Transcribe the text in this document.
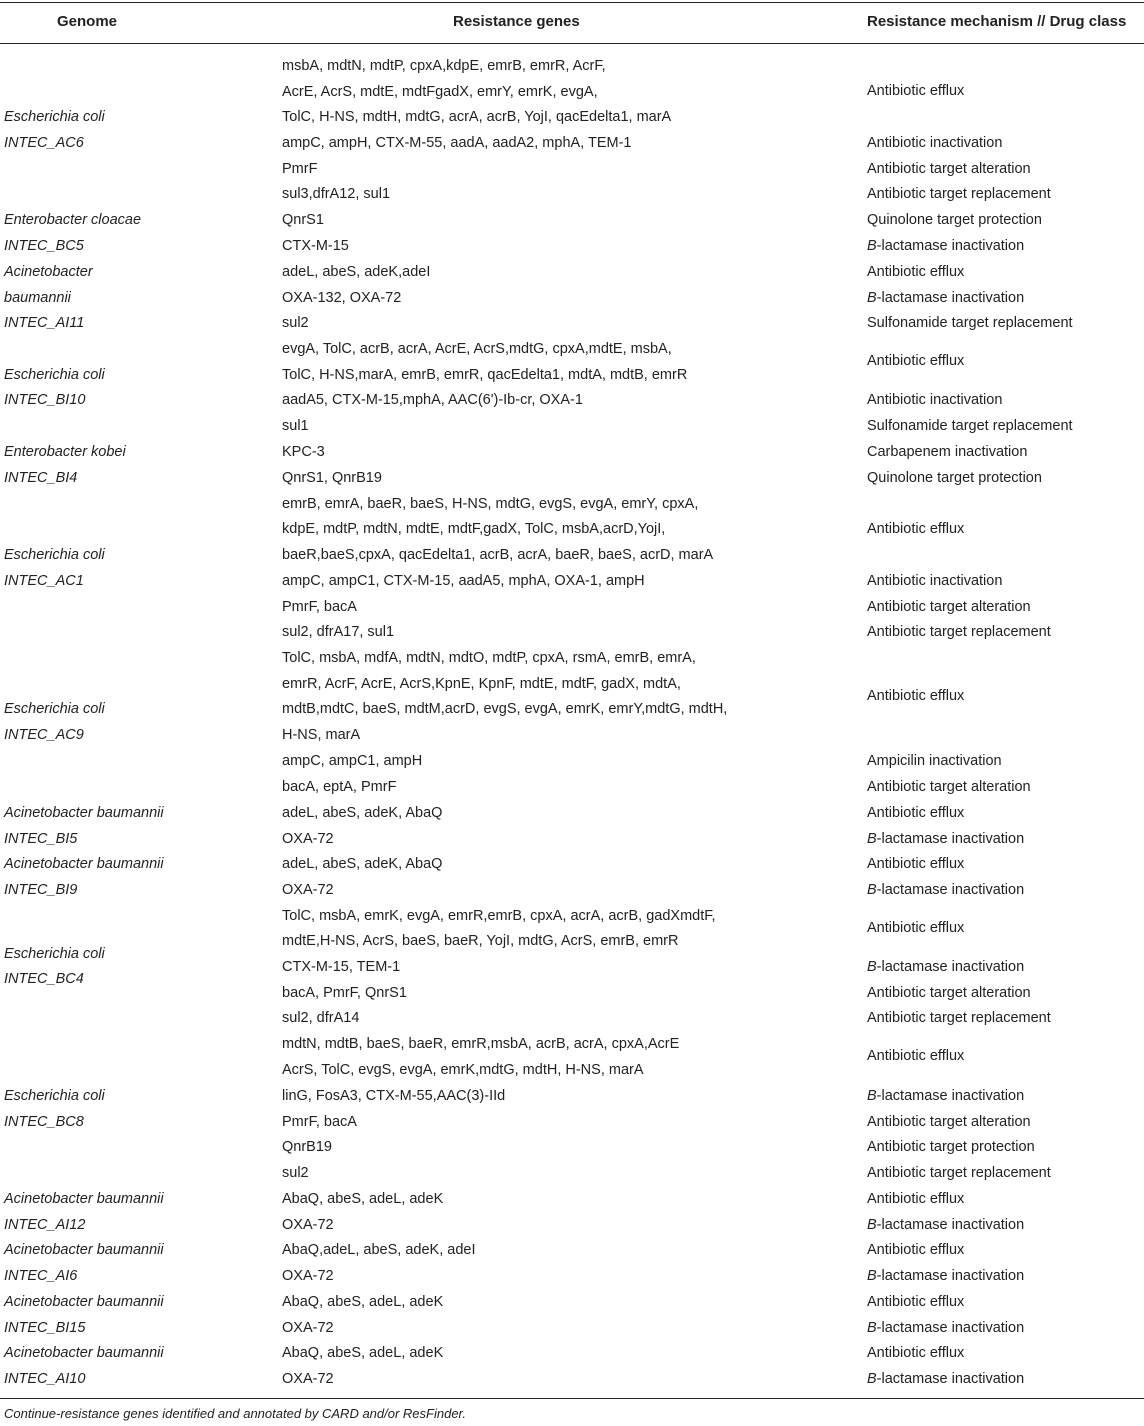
Genome	Resistance genes	Resistance mechanism // Drug class
Escherichia coli
INTEC_AC6
Enterobacter cloacae
INTEC_BC5
Acinetobacter
baumannii
INTEC_AI11
Escherichia coli
INTEC_BI10
Enterobacter kobei
INTEC_BI4
Escherichia coli
INTEC_AC1
Escherichia coli
INTEC_AC9
Acinetobacter baumannii
INTEC_BI5
Acinetobacter baumannii
INTEC_BI9
Escherichia coli
INTEC_BC4
Escherichia coli
INTEC_BC8
Acinetobacter baumannii
INTEC_AI12
Acinetobacter baumannii
INTEC_AI6
Acinetobacter baumannii
INTEC_BI15
Acinetobacter baumannii
INTEC_AI10
msbA, mdtN, mdtP, cpxA,kdpE, emrB, emrR, AcrF,
AcrE, AcrS, mdtE, mdtFgadX, emrY, emrK, evgA,
TolC, H-NS, mdtH, mdtG, acrA, acrB, YojI, qacEdelta1, marA
ampC, ampH, CTX-M-55, aadA, aadA2, mphA, TEM-1
PmrF
sul3,dfrA12, sul1
QnrS1
CTX-M-15
adeL, abeS, adeK,adeI
OXA-132, OXA-72
sul2
evgA, TolC, acrB, acrA, AcrE, AcrS,mdtG, cpxA,mdtE, msbA,
TolC, H-NS,marA, emrB, emrR, qacEdelta1, mdtA, mdtB, emrR
aadA5, CTX-M-15,mphA, AAC(6')-Ib-cr, OXA-1
sul1
KPC-3
QnrS1, QnrB19
emrB, emrA, baeR, baeS, H-NS, mdtG, evgS, evgA, emrY, cpxA,
kdpE, mdtP, mdtN, mdtE, mdtF,gadX, TolC, msbA,acrD,YojI,
baeR,baeS,cpxA, qacEdelta1, acrB, acrA, baeR, baeS, acrD, marA
ampC, ampC1, CTX-M-15, aadA5, mphA, OXA-1, ampH
PmrF, bacA
sul2, dfrA17, sul1
TolC, msbA, mdfA, mdtN, mdtO, mdtP, cpxA, rsmA, emrB, emrA,
emrR, AcrF, AcrE, AcrS,KpnE, KpnF, mdtE, mdtF, gadX, mdtA,
mdtB,mdtC, baeS, mdtM,acrD, evgS, evgA, emrK, emrY,mdtG, mdtH,
H-NS, marA
ampC, ampC1, ampH
bacA, eptA, PmrF
adeL, abeS, adeK, AbaQ
OXA-72
adeL, abeS, adeK, AbaQ
OXA-72
TolC, msbA, emrK, evgA, emrR,emrB, cpxA, acrA, acrB, gadXmdtF,
mdtE,H-NS, AcrS, baeS, baeR, YojI, mdtG, AcrS, emrB, emrR
CTX-M-15, TEM-1
bacA, PmrF, QnrS1
sul2, dfrA14
mdtN, mdtB, baeS, baeR, emrR,msbA, acrB, acrA, cpxA,AcrE
AcrS, TolC, evgS, evgA, emrK,mdtG, mdtH, H-NS, marA
linG, FosA3, CTX-M-55,AAC(3)-IId
PmrF, bacA
QnrB19
sul2
AbaQ, abeS, adeL, adeK
OXA-72
AbaQ,adeL, abeS, adeK, adeI
OXA-72
AbaQ, abeS, adeL, adeK
OXA-72
AbaQ, abeS, adeL, adeK
OXA-72
Antibiotic efflux
Antibiotic inactivation
Antibiotic target alteration
Antibiotic target replacement
Quinolone target protection
B-lactamase inactivation
Antibiotic efflux
B-lactamase inactivation
Sulfonamide target replacement
Antibiotic efflux
Antibiotic inactivation
Sulfonamide target replacement
Carbapenem inactivation
Quinolone target protection
Antibiotic efflux
Antibiotic inactivation
Antibiotic target alteration
Antibiotic target replacement
Antibiotic efflux
Ampicilin inactivation
Antibiotic target alteration
Antibiotic efflux
B-lactamase inactivation
Antibiotic efflux
B-lactamase inactivation
Antibiotic efflux
B-lactamase inactivation
Antibiotic target alteration
Antibiotic target replacement
Antibiotic efflux
B-lactamase inactivation
Antibiotic target alteration
Antibiotic target protection
Antibiotic target replacement
Antibiotic efflux
B-lactamase inactivation
Antibiotic efflux
B-lactamase inactivation
Antibiotic efflux
B-lactamase inactivation
Antibiotic efflux
B-lactamase inactivation
Continue-resistance genes identified and annotated by CARD and/or ResFinder.
